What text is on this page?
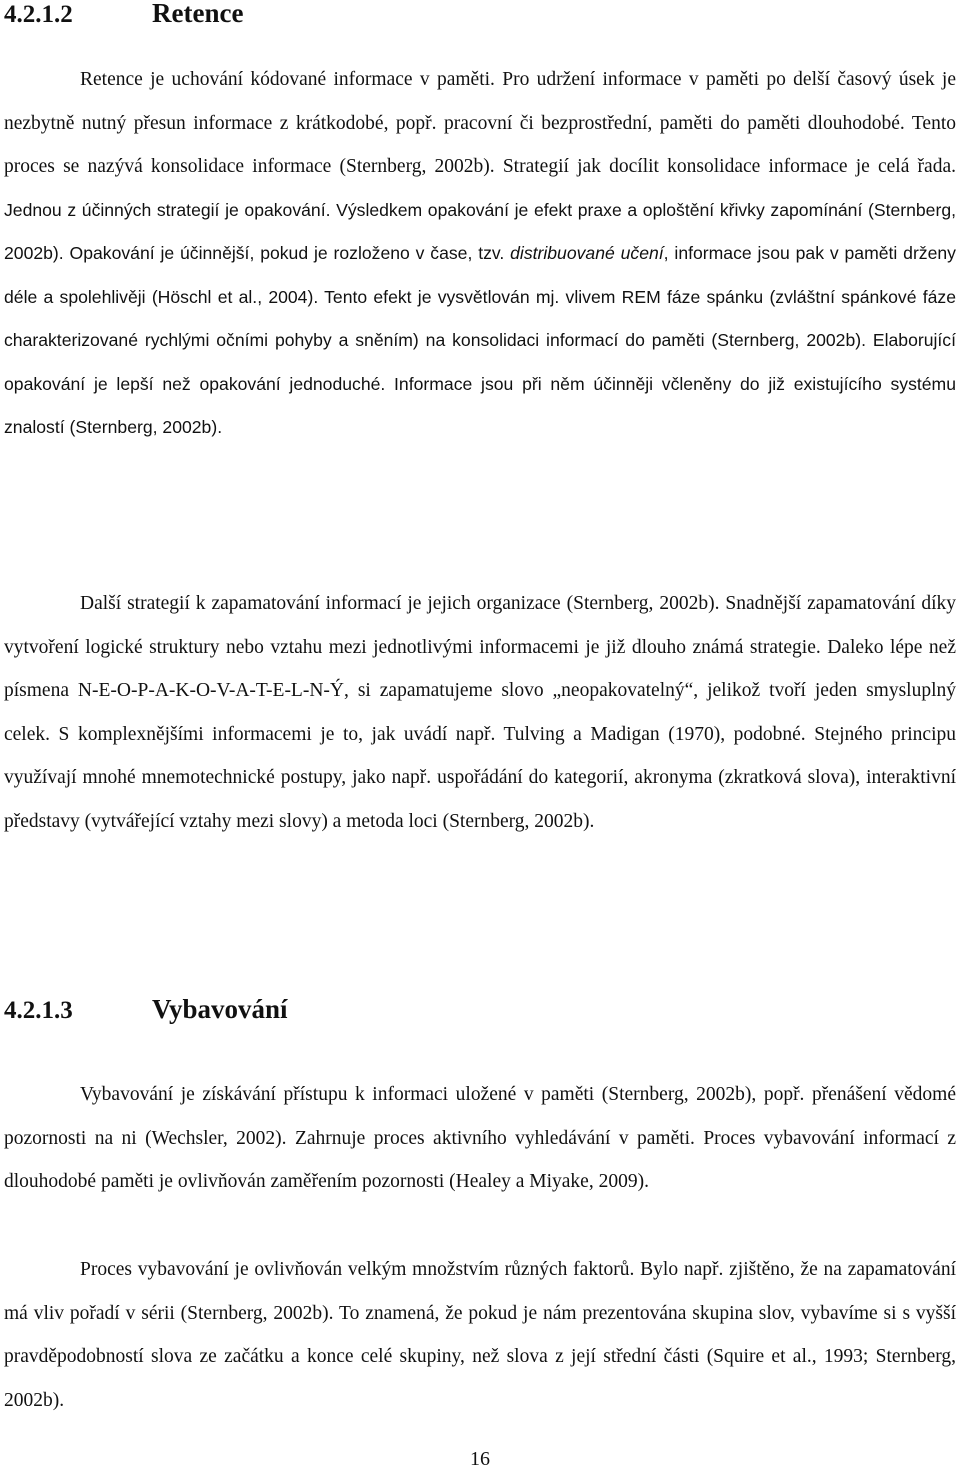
4.2.1.2	Retence

Retence je uchování kódované informace v paměti. Pro udržení informace v paměti po delší časový úsek je nezbytně nutný přesun informace z krátkodobé, popř. pracovní či bezprostřední, paměti do paměti dlouhodobé. Tento proces se nazývá konsolidace informace (Sternberg, 2002b). Strategií jak docílit konsolidace informace je celá řada. Jednou z účinných strategií je opakování. Výsledkem opakování je efekt praxe a oploštění křivky zapomínání (Sternberg, 2002b). Opakování je účinnější, pokud je rozloženo v čase, tzv. distribuované učení, informace jsou pak v paměti drženy déle a spolehlivěji (Höschl et al., 2004). Tento efekt je vysvětlován mj. vlivem REM fáze spánku (zvláštní spánkové fáze charakterizované rychlými očními pohyby a sněním) na konsolidaci informací do paměti (Sternberg, 2002b). Elaborující opakování je lepší než opakování jednoduché. Informace jsou při něm účinněji včleněny do již existujícího systému znalostí (Sternberg, 2002b).

Další strategií k zapamatování informací je jejich organizace (Sternberg, 2002b). Snadnější zapamatování díky vytvoření logické struktury nebo vztahu mezi jednotlivými informacemi je již dlouho známá strategie. Daleko lépe než písmena N-E-O-P-A-K-O-V-A-T-E-L-N-Ý, si zapamatujeme slovo „neopakovatelný“, jelikož tvoří jeden smysluplný celek. S komplexnějšími informacemi je to, jak uvádí např. Tulving a Madigan (1970), podobné. Stejného principu využívají mnohé mnemotechnické postupy, jako např. uspořádání do kategorií, akronyma (zkratková slova), interaktivní představy (vytvářející vztahy mezi slovy) a metoda loci (Sternberg, 2002b).

4.2.1.3	Vybavování

Vybavování je získávání přístupu k informaci uložené v paměti (Sternberg, 2002b), popř. přenášení vědomé pozornosti na ni (Wechsler, 2002). Zahrnuje proces aktivního vyhledávání v paměti. Proces vybavování informací z dlouhodobé paměti je ovlivňován zaměřením pozornosti (Healey a Miyake, 2009).

Proces vybavování je ovlivňován velkým množstvím různých faktorů. Bylo např. zjištěno, že na zapamatování má vliv pořadí v sérii (Sternberg, 2002b). To znamená, že pokud je nám prezentována skupina slov, vybavíme si s vyšší pravděpodobností slova ze začátku a konce celé skupiny, než slova z její střední části (Squire et al., 1993; Sternberg, 2002b).

16
